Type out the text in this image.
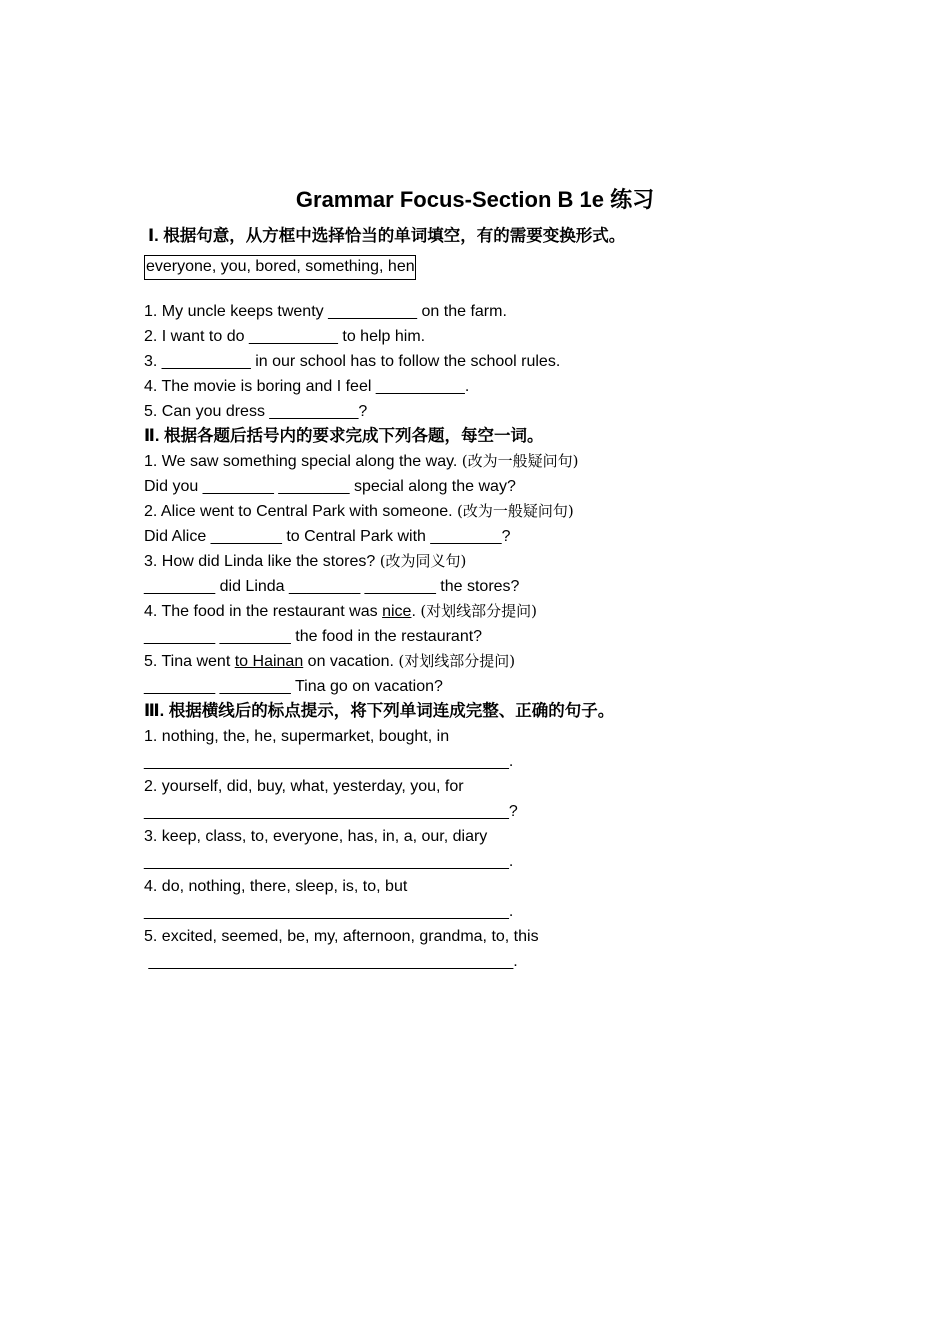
Grammar Focus-Section B 1e 练习
Ⅰ. 根据句意，从方框中选择恰当的单词填空，有的需要变换形式。
everyone, you, bored, something, hen
1. My uncle keeps twenty __________ on the farm.
2. I want to do __________ to help him.
3. __________ in our school has to follow the school rules.
4. The movie is boring and I feel __________.
5. Can you dress __________?
Ⅱ. 根据各题后括号内的要求完成下列各题，每空一词。
1. We saw something special along the way. (改为一般疑问句)
Did you ________ ________ special along the way?
2. Alice went to Central Park with someone. (改为一般疑问句)
Did Alice ________ to Central Park with ________?
3. How did Linda like the stores? (改为同义句)
________ did Linda ________ ________ the stores?
4. The food in the restaurant was nice. (对划线部分提问)
________ ________ the food in the restaurant?
5. Tina went to Hainan on vacation. (对划线部分提问)
________ ________ Tina go on vacation?
Ⅲ. 根据横线后的标点提示，将下列单词连成完整、正确的句子。
1. nothing, the, he, supermarket, bought, in
_________________________________________.
2. yourself, did, buy, what, yesterday, you, for
_________________________________________?
3. keep, class, to, everyone, has, in, a, our, diary
_________________________________________.
4. do, nothing, there, sleep, is, to, but
_________________________________________.
5. excited, seemed, be, my, afternoon, grandma, to, this
_________________________________________.
